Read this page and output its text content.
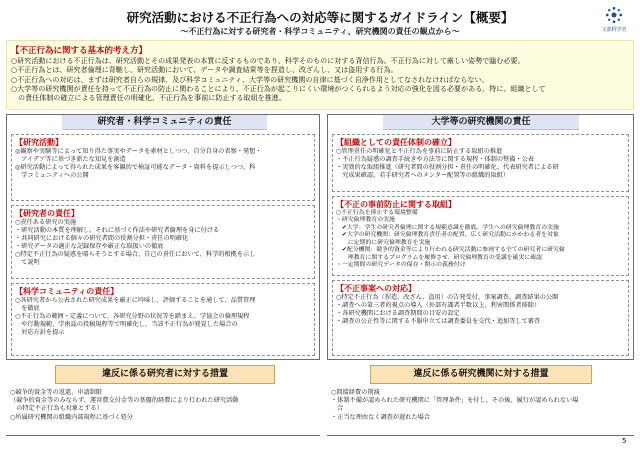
研究活動における不正行為への対応等に関するガイドライン【概要】
～不正行為に対する研究者・科学コミュニティ、研究機関の責任の観点から～	文部科学省
【不正行為に関する基本的考え方】
○研究活動における不正行為は、研究活動とその成果発表の本質に反するものであり、科学そのものに対する背信行為。不正行為に対して厳しい姿勢で臨む必要。
○不正行為とは、研究者倫理に背馳し、研究活動において、データや調査結果等を捏造し、改ざんし、又は盗用する行為。
○不正行為への対応は、まずは研究者自らの規律、及び科学コミュニティ、大学等の研究機関の自律に基づく自浄作用としてなされなければならない。
○大学等の研究機関が責任を持って不正行為の防止に関わることにより、不正行為が起こりにくい環境がつくられるよう対応の強化を図る必要がある。特に、組織として
　の責任体制の確立による管理責任の明確化、不正行為を事前に防止する取組を推進。
研究者・科学コミュニティの責任
【研究活動】
◎観察や実験等によって知り得た事実やデータを素材としつつ、自分自身の省察・発想・
　アイデア等に基づき新たな知見を創造
◎研究活動によって得られた成果を客観的で検証可能なデータ・資料を提示しつつ、科
　学コミュニティへの公開
【研究者の責任】
○責任ある研究の実施
・研究活動の本質を理解し、それに基づく作法や研究者倫理を身に付ける
・共同研究における個々の研究者間の役割分担・責任の明確化
・研究データの適正な記録保存や厳正な取扱いの徹底
○特定不正行為の疑惑を晴らそうとする場合、自己の責任において、科学的根拠を示し
　て説明
【科学コミュニティの責任】
○各研究者から公表された研究成果を厳正に吟味し、評価することを通して、品質管理
　を徹底
○不正行為の範囲・定義について、各研究分野の状況等を踏まえ、学協会の倫理規程
　や行動規範、学術誌の投稿規程等で明確化し、当該不正行為が発覚した場合の
　対応方針を提示
大学等の研究機関の責任
【組織としての責任体制の確立】
○管理責任の明確化と不正行為を事前に防止する取組の推進
・不正行為疑惑の調査手続きや方法等に関する規程・体制の整備・公表
・実効的な取組推進（研究者間の役割分担・責任の明確化、代表研究者による研
　究成果確認、若手研究者へのメンター配置等の組織的取組）
【不正の事前防止に関する取組】
○不正行為を抑止する環境整備
・研究倫理教育の実施
　✔大学：学生の研究者倫理に関する規範意識を徹底。学生への研究倫理教育の実施
　✔大学の研究機関：研究倫理教育責任者の配置。広く研究活動にかかわる者を対象
　　に定期的に研究倫理教育を実施
　✔配分機関：競争的資金等により行われる研究活動に参画する全ての研究者に研究倫
　　理教育に関するプログラムを履修させ、研究倫理教育の受講を確実に確認
・一定期間の研究データの保存・開示の義務付け
【不正事案への対応】
○特定不正行為（捏造、改ざん、盗用）の告発受付、事案調査、調査結果の公開
・調査への第三者的視点の導入（外部有識者半数以上、利害関係者排除）
・各研究機関における調査期間の目安の設定
・調査の公正性等に関する不服申立ては調査委員を交代・追加等して審査
違反に係る研究者に対する措置	違反に係る研究機関に対する措置
○競争的資金等の返還、申請制限
（競争的資金等のみならず、運営費交付金等の基盤的経費により行われた研究活動
　の特定不正行為も対象とする）
○所属研究機関の組織内部規程に基づく処分
○間接経費の削減
・体制不備が認められた研究機関に「管理条件」を付し、その後、履行が認められない場
　合
・正当な理由なく調査が遅れた場合
5
